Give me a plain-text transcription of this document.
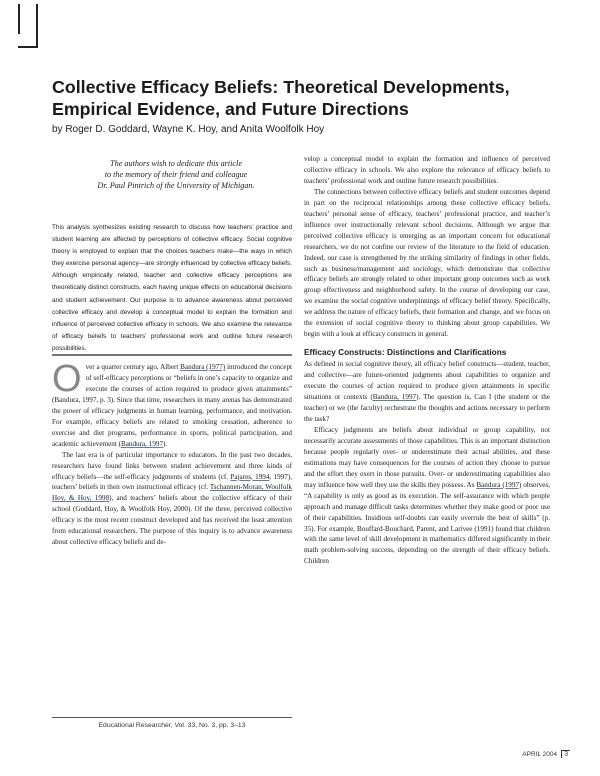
Collective Efficacy Beliefs: Theoretical Developments, Empirical Evidence, and Future Directions
by Roger D. Goddard, Wayne K. Hoy, and Anita Woolfolk Hoy
The authors wish to dedicate this article
to the memory of their friend and colleague
Dr. Paul Pintrich of the University of Michigan.
This analysis synthesizes existing research to discuss how teachers’ practice and student learning are affected by perceptions of collective efficacy. Social cognitive theory is employed to explain that the choices teachers make—the ways in which they exercise personal agency—are strongly influenced by collective efficacy beliefs. Although empirically related, teacher and collective efficacy perceptions are theoretically distinct constructs, each having unique effects on educational decisions and student achievement. Our purpose is to advance awareness about perceived collective efficacy and develop a conceptual model to explain the formation and influence of perceived collective efficacy in schools. We also examine the relevance of efficacy beliefs to teachers’ professional work and outline future research possibilities.

Over a quarter century ago, Albert Bandura (1977) introduced the concept of self-efficacy perceptions or “beliefs in one’s capacity to organize and execute the courses of action required to produce given attainments” (Bandura, 1997, p. 3). Since that time, researchers in many arenas has demonstrated the power of efficacy judgments in human learning, performance, and motivation. For example, efficacy beliefs are related to smoking cessation, adherence to exercise and diet programs, performance in sports, political participation, and academic achievement (Bandura, 1997).

The last era is of particular importance to educators. In the past two decades, researchers have found links between student achievement and three kinds of efficacy beliefs—the self-efficacy judgments of students (cf. Pajares, 1994, 1997), teachers’ beliefs in their own instructional efficacy (cf. Tschannen-Moran, Woolfolk Hoy, & Hoy, 1998), and teachers’ beliefs about the collective efficacy of their school (Goddard, Hoy, & Woolfolk Hoy, 2000). Of the three, perceived collective efficacy is the most recent construct developed and has received the least attention from educational researchers. The purpose of this inquiry is to advance awareness about collective efficacy beliefs and de-

velop a conceptual model to explain the formation and influence of perceived collective efficacy in schools. We also explore the relevance of efficacy beliefs to teachers’ professional work and outline future research possibilities.

The connections between collective efficacy beliefs and student outcomes depend in part on the reciprocal relationships among these collective efficacy beliefs, teachers’ personal sense of efficacy, teachers’ professional practice, and teacher’s influence over instructionally relevant school decisions. Although we argue that perceived collective efficacy is emerging as an important concern for educational researchers, we do not confine our review of the literature to the field of education. Indeed, our case is strengthened by the striking similarity of findings in other fields, such as business/management and sociology, which demonstrate that collective efficacy beliefs are strongly related to other important group outcomes such as work group effectiveness and neighborhood safety. In the course of developing our case, we examine the social cognitive underpinnings of efficacy belief theory. Specifically, we address the nature of efficacy beliefs, their formation and change, and we focus on the extension of social cognitive theory to thinking about group capabilities. We begin with a look at efficacy constructs in general.

Efficacy Constructs: Distinctions and Clarifications

As defined in social cognitive theory, all efficacy belief constructs—student, teacher, and collective—are future-oriented judgments about capabilities to organize and execute the courses of action required to produce given attainments in specific situations or contexts (Bandura, 1997). The question is, Can I (the student or the teacher) or we (the faculty) orchestrate the thoughts and actions necessary to perform the task?

Efficacy judgments are beliefs about individual or group capability, not necessarily accurate assessments of those capabilities. This is an important distinction because people regularly over- or underestimate their actual abilities, and these estimations may have consequences for the courses of action they choose to pursue and the effort they exert in those pursuits. Over- or underestimating capabilities also may influence how well they use the skills they possess. As Bandura (1997) observes, “A capability is only as good as its execution. The self-assurance with which people approach and manage difficult tasks determines whether they make good or poor use of their capabilities. Insidious self-doubts can easily overrule the best of skills” (p. 35). For example, Bouffard-Bouchard, Parent, and Larivee (1991) found that children with the same level of skill development in mathematics differed significantly in their math problem-solving success, depending on the strength of their efficacy beliefs. Children

Educational Researcher, Vol. 33, No. 3, pp. 3–13
APRIL 2004 3
